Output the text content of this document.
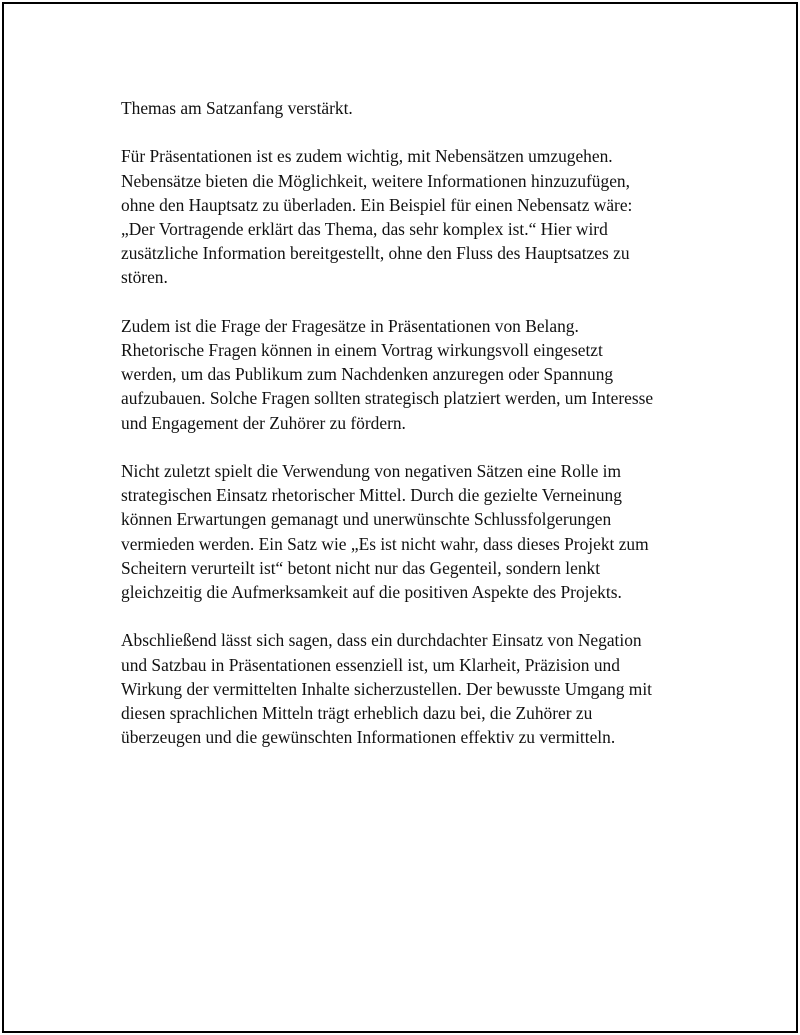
Themas am Satzanfang verstärkt.

Für Präsentationen ist es zudem wichtig, mit Nebensätzen umzugehen.
Nebensätze bieten die Möglichkeit, weitere Informationen hinzuzufügen,
ohne den Hauptsatz zu überladen. Ein Beispiel für einen Nebensatz wäre:
„Der Vortragende erklärt das Thema, das sehr komplex ist.“ Hier wird
zusätzliche Information bereitgestellt, ohne den Fluss des Hauptsatzes zu
stören.

Zudem ist die Frage der Fragesätze in Präsentationen von Belang.
Rhetorische Fragen können in einem Vortrag wirkungsvoll eingesetzt
werden, um das Publikum zum Nachdenken anzuregen oder Spannung
aufzubauen. Solche Fragen sollten strategisch platziert werden, um Interesse
und Engagement der Zuhörer zu fördern.

Nicht zuletzt spielt die Verwendung von negativen Sätzen eine Rolle im
strategischen Einsatz rhetorischer Mittel. Durch die gezielte Verneinung
können Erwartungen gemanagt und unerwünschte Schlussfolgerungen
vermieden werden. Ein Satz wie „Es ist nicht wahr, dass dieses Projekt zum
Scheitern verurteilt ist“ betont nicht nur das Gegenteil, sondern lenkt
gleichzeitig die Aufmerksamkeit auf die positiven Aspekte des Projekts.

Abschließend lässt sich sagen, dass ein durchdachter Einsatz von Negation
und Satzbau in Präsentationen essenziell ist, um Klarheit, Präzision und
Wirkung der vermittelten Inhalte sicherzustellen. Der bewusste Umgang mit
diesen sprachlichen Mitteln trägt erheblich dazu bei, die Zuhörer zu
überzeugen und die gewünschten Informationen effektiv zu vermitteln.
